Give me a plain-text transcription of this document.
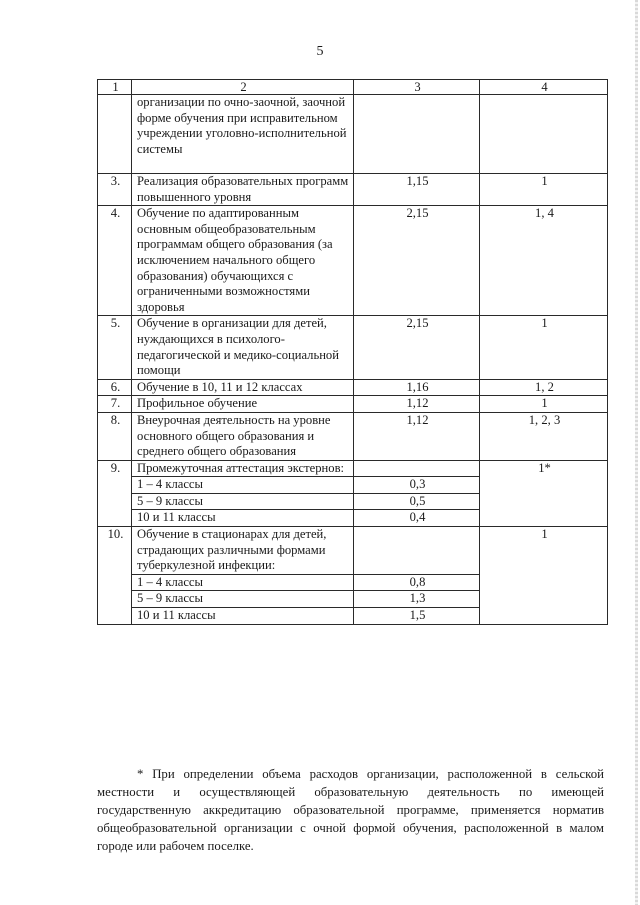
5
1	2	3	4
	организации по очно-заочной, заочной форме обучения при исправительном учреждении уголовно-исполнительной системы		
3.	Реализация образовательных программ повышенного уровня	1,15	1
4.	Обучение по адаптированным основным общеобразовательным программам общего образования (за исключением начального общего образования) обучающихся с ограниченными возможностями здоровья	2,15	1, 4
5.	Обучение в организации для детей, нуждающихся в психолого-педагогической и медико-социальной помощи	2,15	1
6.	Обучение в 10, 11 и 12 классах	1,16	1, 2
7.	Профильное обучение	1,12	1
8.	Внеурочная деятельность на уровне основного общего образования и среднего общего образования	1,12	1, 2, 3
9.	Промежуточная аттестация экстернов:		1*
	1 – 4 классы	0,3	
	5 – 9 классы	0,5	
	10 и 11 классы	0,4	
10.	Обучение в стационарах для детей, страдающих различными формами туберкулезной инфекции:		1
	1 – 4 классы	0,8	
	5 – 9 классы	1,3	
	10 и 11 классы	1,5	

* При определении объема расходов организации, расположенной в сельской местности и осуществляющей образовательную деятельность по имеющей государственную аккредитацию образовательной программе, применяется норматив общеобразовательной организации с очной формой обучения, расположенной в малом городе или рабочем поселке.
